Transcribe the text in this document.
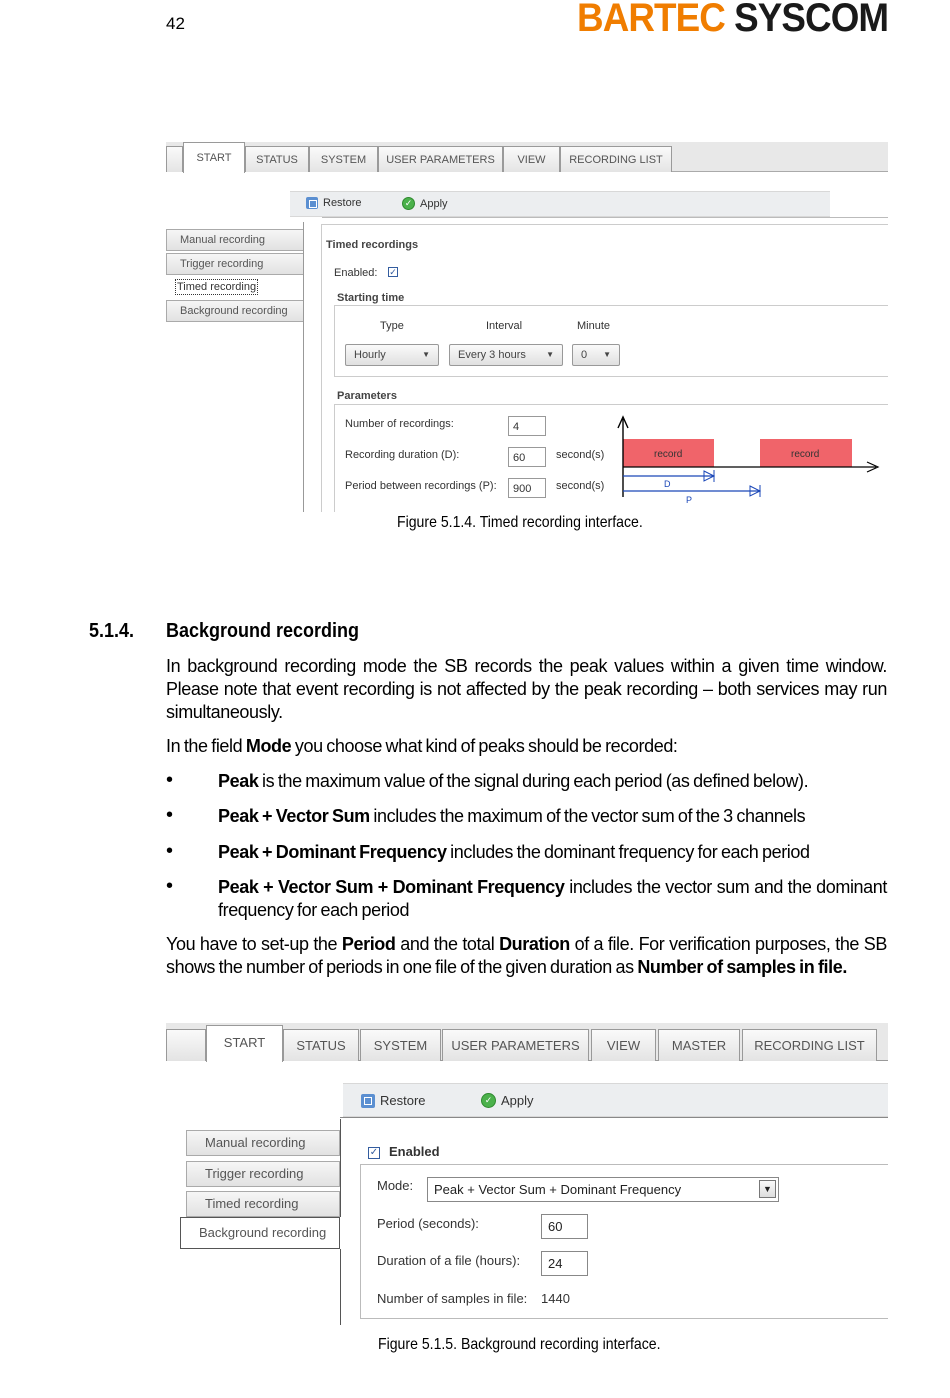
42	BARTEC SYSCOM
START	STATUS	SYSTEM	USER PARAMETERS	VIEW	RECORDING LIST
Restore	✓ Apply
Manual recording
Trigger recording
Timed recording
Background recording
Timed recordings
Enabled: ✓
Starting time
Type	Interval	Minute
Hourly	▼	Every 3 hours	▼	0 ▼
Parameters
Number of recordings:	4
Recording duration (D):	60	second(s)
Period between recordings (P):	900	second(s)
record	record
D
P
Figure 5.1.4. Timed recording interface.
5.1.4. Background recording
In background recording mode the SB records the peak values within a given time window. Please note that event recording is not affected by the peak recording – both services may run simultaneously.
In the field Mode you choose what kind of peaks should be recorded:
• Peak is the maximum value of the signal during each period (as defined below).
• Peak + Vector Sum includes the maximum of the vector sum of the 3 channels
• Peak + Dominant Frequency includes the dominant frequency for each period
• Peak + Vector Sum + Dominant Frequency includes the vector sum and the dominant frequency for each period
You have to set-up the Period and the total Duration of a file. For verification purposes, the SB shows the number of periods in one file of the given duration as Number of samples in file.
START	STATUS	SYSTEM	USER PARAMETERS	VIEW	MASTER	RECORDING LIST
Restore	✓ Apply
Manual recording
Trigger recording
Timed recording
Background recording
✓ Enabled
Mode:	Peak + Vector Sum + Dominant Frequency	▼
Period (seconds):	60
Duration of a file (hours):	24
Number of samples in file: 1440
Figure 5.1.5. Background recording interface.
